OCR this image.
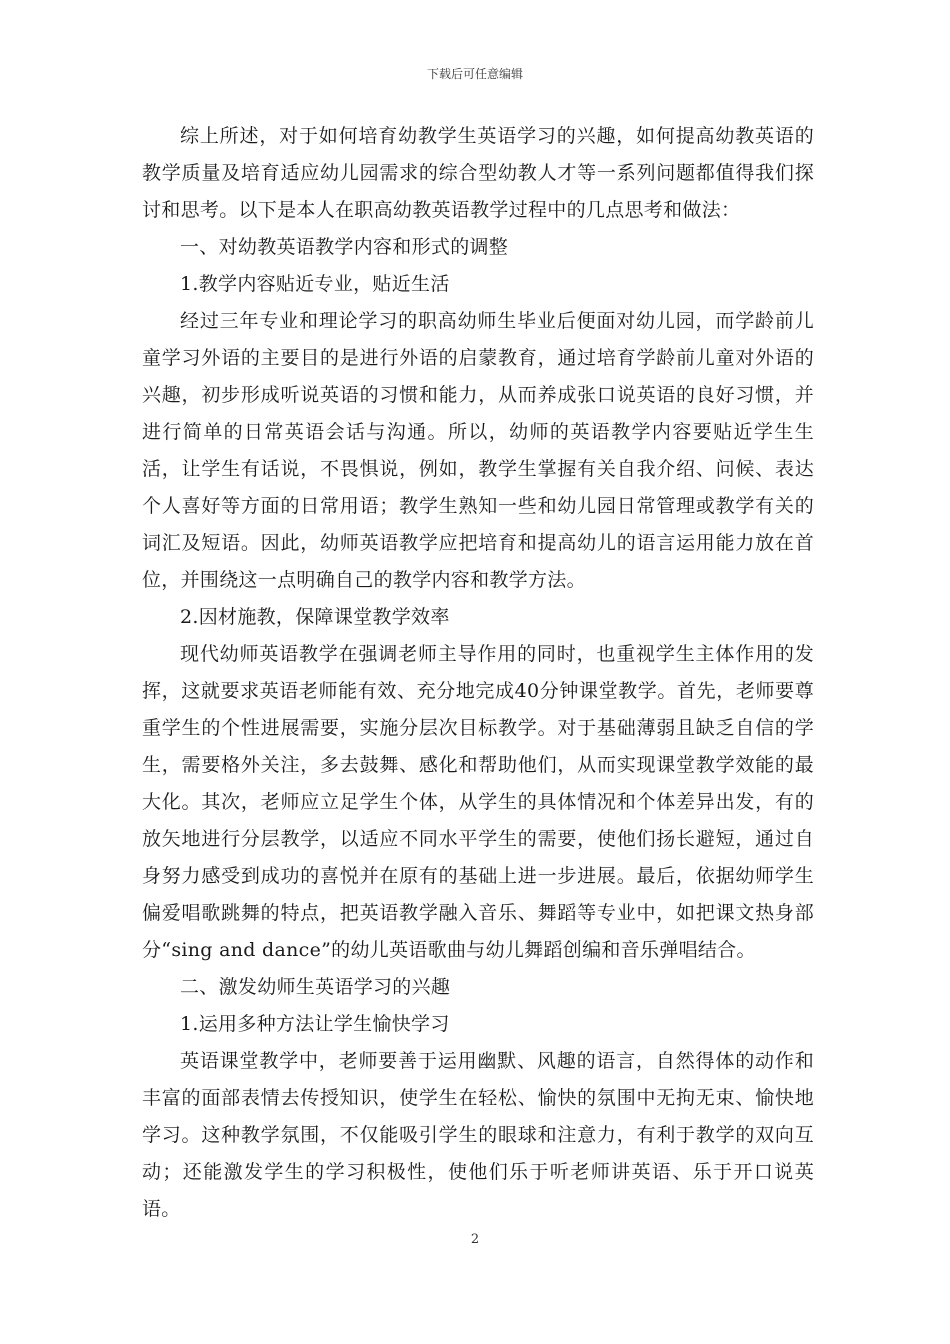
下载后可任意编辑

综上所述，对于如何培育幼教学生英语学习的兴趣，如何提高幼教英语的教学质量及培育适应幼儿园需求的综合型幼教人才等一系列问题都值得我们探讨和思考。以下是本人在职高幼教英语教学过程中的几点思考和做法：

一、对幼教英语教学内容和形式的调整

1.教学内容贴近专业，贴近生活

经过三年专业和理论学习的职高幼师生毕业后便面对幼儿园，而学龄前儿童学习外语的主要目的是进行外语的启蒙教育，通过培育学龄前儿童对外语的兴趣，初步形成听说英语的习惯和能力，从而养成张口说英语的良好习惯，并进行简单的日常英语会话与沟通。所以，幼师的英语教学内容要贴近学生生活，让学生有话说，不畏惧说，例如，教学生掌握有关自我介绍、问候、表达个人喜好等方面的日常用语；教学生熟知一些和幼儿园日常管理或教学有关的词汇及短语。因此，幼师英语教学应把培育和提高幼儿的语言运用能力放在首位，并围绕这一点明确自己的教学内容和教学方法。

2.因材施教，保障课堂教学效率

现代幼师英语教学在强调老师主导作用的同时，也重视学生主体作用的发挥，这就要求英语老师能有效、充分地完成40分钟课堂教学。首先，老师要尊重学生的个性进展需要，实施分层次目标教学。对于基础薄弱且缺乏自信的学生，需要格外关注，多去鼓舞、感化和帮助他们，从而实现课堂教学效能的最大化。其次，老师应立足学生个体，从学生的具体情况和个体差异出发，有的放矢地进行分层教学，以适应不同水平学生的需要，使他们扬长避短，通过自身努力感受到成功的喜悦并在原有的基础上进一步进展。最后，依据幼师学生偏爱唱歌跳舞的特点，把英语教学融入音乐、舞蹈等专业中，如把课文热身部分“sing and dance”的幼儿英语歌曲与幼儿舞蹈创编和音乐弹唱结合。

二、激发幼师生英语学习的兴趣

1.运用多种方法让学生愉快学习

英语课堂教学中，老师要善于运用幽默、风趣的语言，自然得体的动作和丰富的面部表情去传授知识，使学生在轻松、愉快的氛围中无拘无束、愉快地学习。这种教学氛围，不仅能吸引学生的眼球和注意力，有利于教学的双向互动；还能激发学生的学习积极性，使他们乐于听老师讲英语、乐于开口说英语。

2
